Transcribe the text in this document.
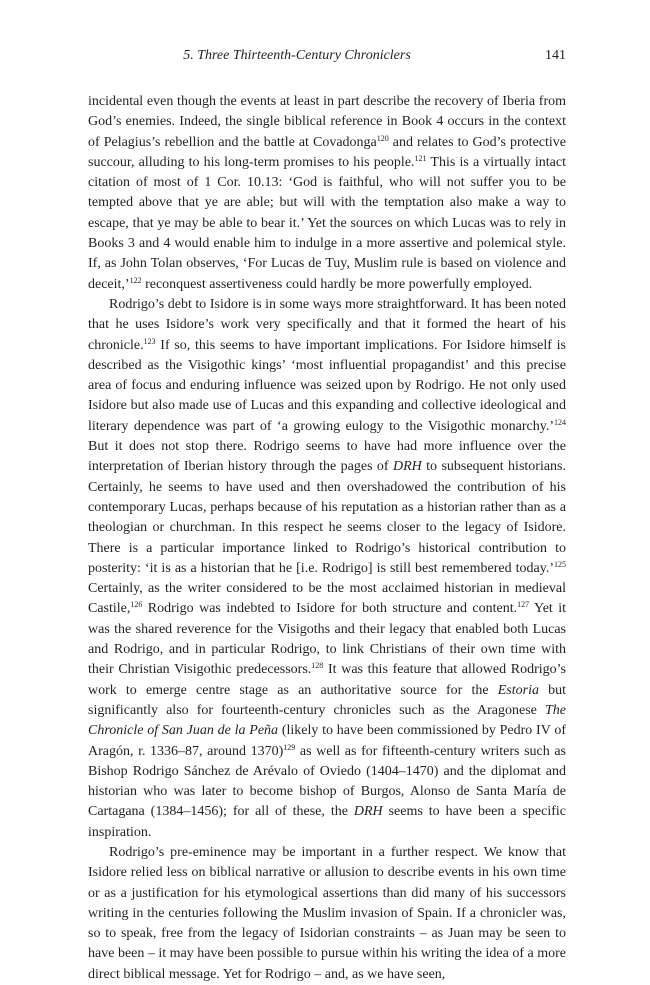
5. Three Thirteenth-Century Chroniclers	141

incidental even though the events at least in part describe the recovery of Iberia from God’s enemies. Indeed, the single biblical reference in Book 4 occurs in the context of Pelagius’s rebellion and the battle at Covadonga$^{120}$ and relates to God’s protective succour, alluding to his long-term promises to his people.$^{121}$ This is a virtually intact citation of most of 1 Cor. 10.13: ‘God is faithful, who will not suffer you to be tempted above that ye are able; but will with the temptation also make a way to escape, that ye may be able to bear it.’ Yet the sources on which Lucas was to rely in Books 3 and 4 would enable him to indulge in a more assertive and polemical style. If, as John Tolan observes, ‘For Lucas de Tuy, Muslim rule is based on violence and deceit,’$^{122}$ reconquest assertiveness could hardly be more powerfully employed.

Rodrigo’s debt to Isidore is in some ways more straightforward. It has been noted that he uses Isidore’s work very specifically and that it formed the heart of his chronicle.$^{123}$ If so, this seems to have important implications. For Isidore himself is described as the Visigothic kings’ ‘most influential propagandist’ and this precise area of focus and enduring influence was seized upon by Rodrigo. He not only used Isidore but also made use of Lucas and this expanding and collective ideological and literary dependence was part of ‘a growing eulogy to the Visigothic monarchy.’$^{124}$ But it does not stop there. Rodrigo seems to have had more influence over the interpretation of Iberian history through the pages of DRH to subsequent historians. Certainly, he seems to have used and then overshadowed the contribution of his contemporary Lucas, perhaps because of his reputation as a historian rather than as a theologian or churchman. In this respect he seems closer to the legacy of Isidore. There is a particular importance linked to Rodrigo’s historical contribution to posterity: ‘it is as a historian that he [i.e. Rodrigo] is still best remembered today.’$^{125}$ Certainly, as the writer considered to be the most acclaimed historian in medieval Castile,$^{126}$ Rodrigo was indebted to Isidore for both structure and content.$^{127}$ Yet it was the shared reverence for the Visigoths and their legacy that enabled both Lucas and Rodrigo, and in particular Rodrigo, to link Christians of their own time with their Christian Visigothic predecessors.$^{128}$ It was this feature that allowed Rodrigo’s work to emerge centre stage as an authoritative source for the Estoria but significantly also for fourteenth-century chronicles such as the Aragonese The Chronicle of San Juan de la Peña (likely to have been commissioned by Pedro IV of Aragón, r. 1336–87, around 1370)$^{129}$ as well as for fifteenth-century writers such as Bishop Rodrigo Sánchez de Arévalo of Oviedo (1404–1470) and the diplomat and historian who was later to become bishop of Burgos, Alonso de Santa María de Cartagana (1384–1456); for all of these, the DRH seems to have been a specific inspiration.

Rodrigo’s pre-eminence may be important in a further respect. We know that Isidore relied less on biblical narrative or allusion to describe events in his own time or as a justification for his etymological assertions than did many of his successors writing in the centuries following the Muslim invasion of Spain. If a chronicler was, so to speak, free from the legacy of Isidorian constraints – as Juan may be seen to have been – it may have been possible to pursue within his writing the idea of a more direct biblical message. Yet for Rodrigo – and, as we have seen,
